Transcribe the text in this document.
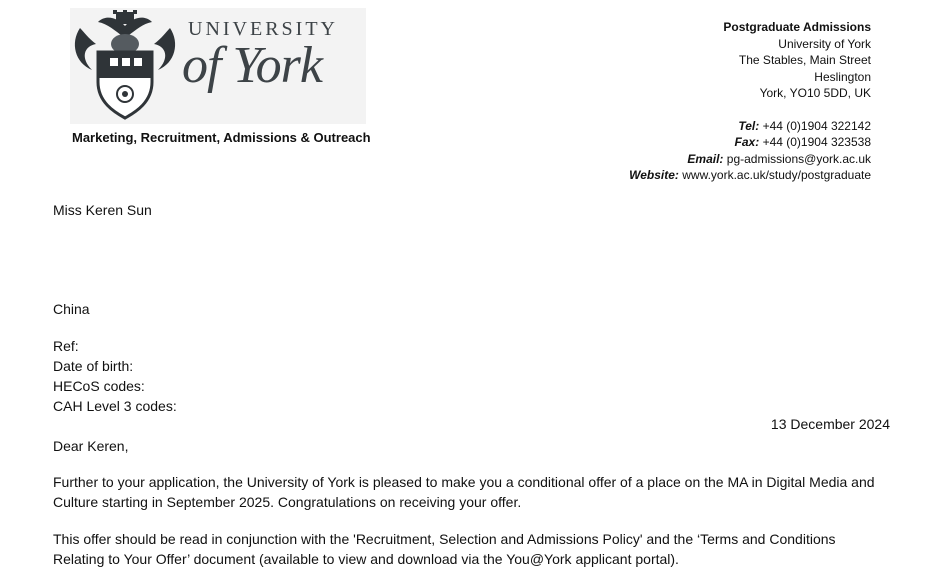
UNIVERSITY
of York
Marketing, Recruitment, Admissions & Outreach
Postgraduate Admissions
University of York
The Stables, Main Street
Heslington
York, YO10 5DD, UK
Tel: +44 (0)1904 322142
Fax: +44 (0)1904 323538
Email: pg-admissions@york.ac.uk
Website: www.york.ac.uk/study/postgraduate
Miss Keren Sun
China
Ref:
Date of birth:
HECoS codes:
CAH Level 3 codes:
13 December 2024
Dear Keren,
Further to your application, the University of York is pleased to make you a conditional offer of a place on the MA in Digital Media and Culture starting in September 2025. Congratulations on receiving your offer.
This offer should be read in conjunction with the 'Recruitment, Selection and Admissions Policy' and the ‘Terms and Conditions Relating to Your Offer’ document (available to view and download via the You@York applicant portal).
